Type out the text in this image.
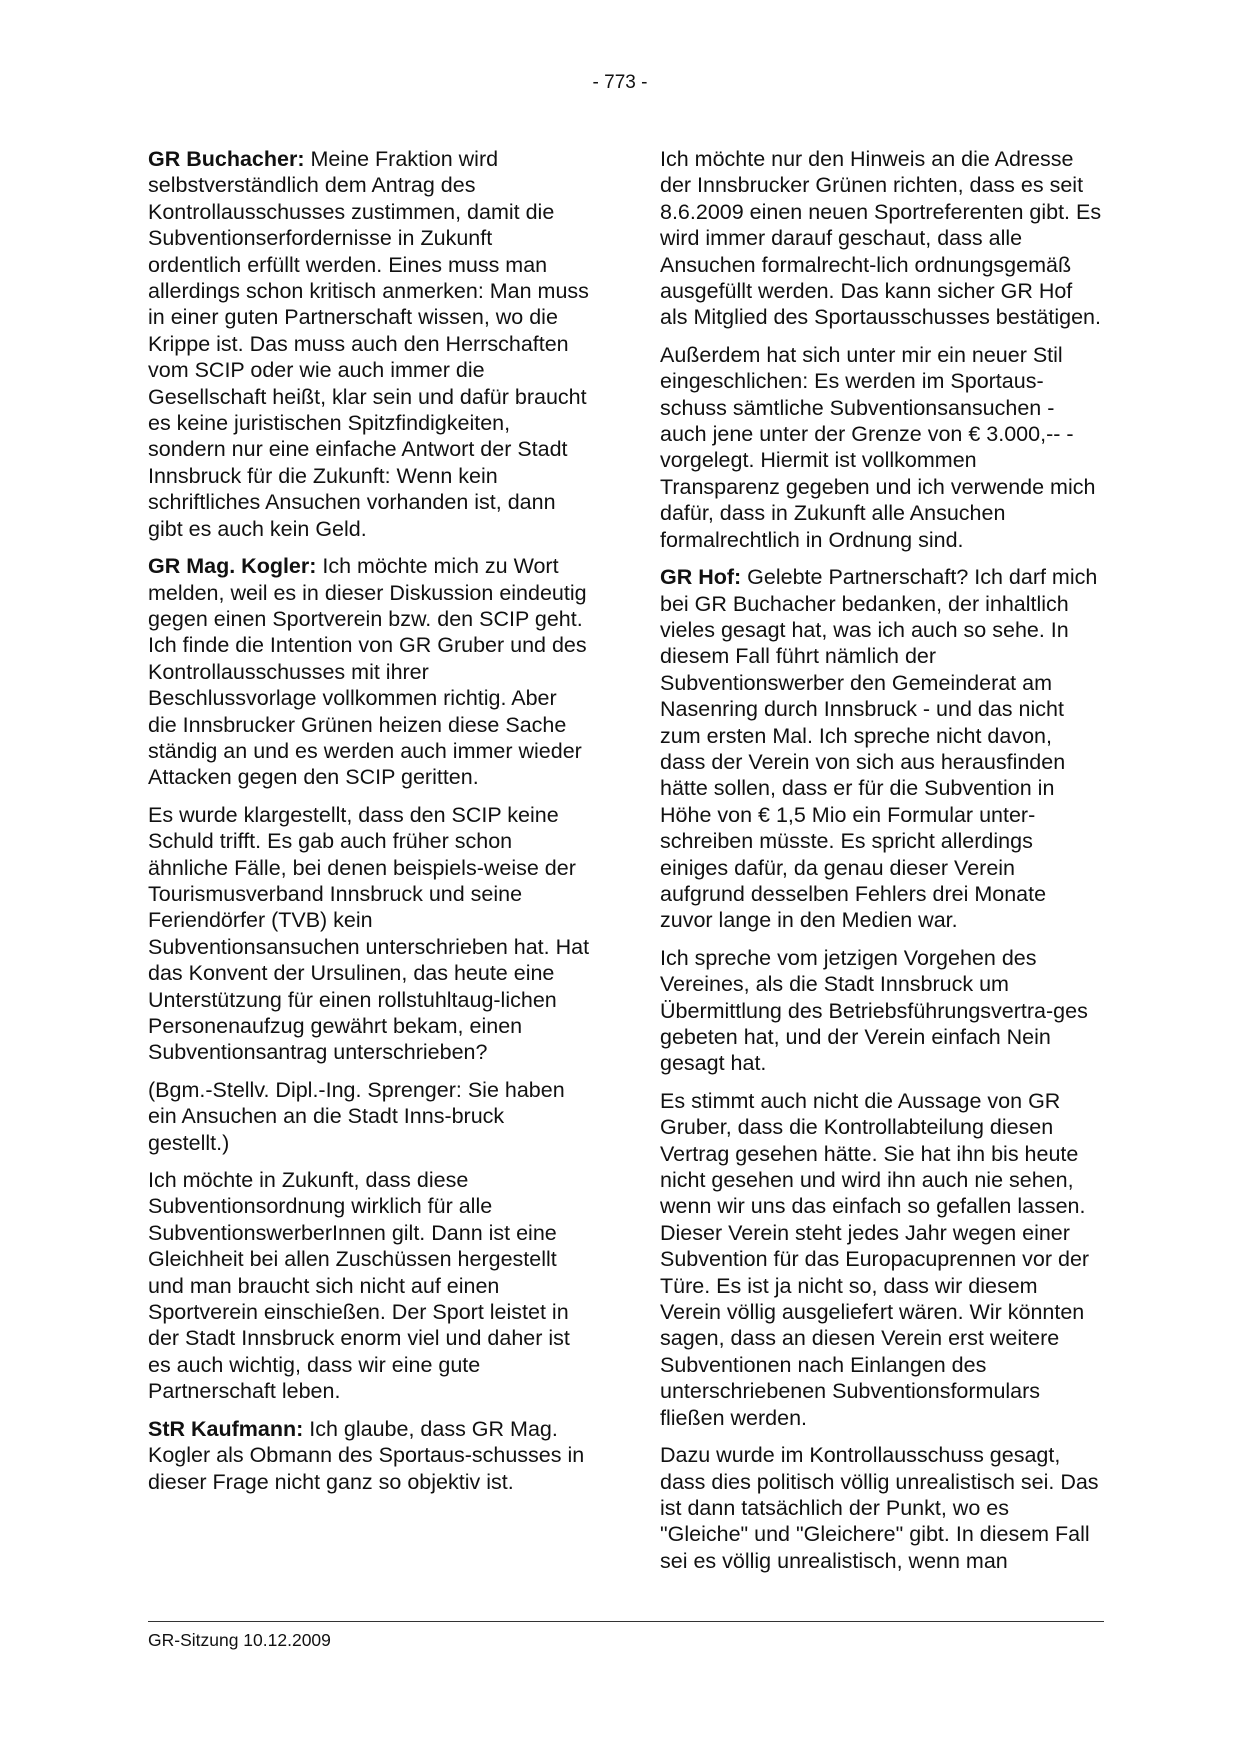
- 773 -

GR Buchacher: Meine Fraktion wird selbstverständlich dem Antrag des Kontrollausschusses zustimmen, damit die Subventionserfordernisse in Zukunft ordentlich erfüllt werden. Eines muss man allerdings schon kritisch anmerken: Man muss in einer guten Partnerschaft wissen, wo die Krippe ist. Das muss auch den Herrschaften vom SCIP oder wie auch immer die Gesellschaft heißt, klar sein und dafür braucht es keine juristischen Spitzfindigkeiten, sondern nur eine einfache Antwort der Stadt Innsbruck für die Zukunft: Wenn kein schriftliches Ansuchen vorhanden ist, dann gibt es auch kein Geld.

GR Mag. Kogler: Ich möchte mich zu Wort melden, weil es in dieser Diskussion eindeutig gegen einen Sportverein bzw. den SCIP geht. Ich finde die Intention von GR Gruber und des Kontrollausschusses mit ihrer Beschlussvorlage vollkommen richtig. Aber die Innsbrucker Grünen heizen diese Sache ständig an und es werden auch immer wieder Attacken gegen den SCIP geritten.

Es wurde klargestellt, dass den SCIP keine Schuld trifft. Es gab auch früher schon ähnliche Fälle, bei denen beispiels-weise der Tourismusverband Innsbruck und seine Feriendörfer (TVB) kein Subventionsansuchen unterschrieben hat. Hat das Konvent der Ursulinen, das heute eine Unterstützung für einen rollstuhltaug-lichen Personenaufzug gewährt bekam, einen Subventionsantrag unterschrieben?

(Bgm.-Stellv. Dipl.-Ing. Sprenger: Sie haben ein Ansuchen an die Stadt Inns-bruck gestellt.)

Ich möchte in Zukunft, dass diese Subventionsordnung wirklich für alle SubventionswerberInnen gilt. Dann ist eine Gleichheit bei allen Zuschüssen hergestellt und man braucht sich nicht auf einen Sportverein einschießen. Der Sport leistet in der Stadt Innsbruck enorm viel und daher ist es auch wichtig, dass wir eine gute Partnerschaft leben.

StR Kaufmann: Ich glaube, dass GR Mag. Kogler als Obmann des Sportaus-schusses in dieser Frage nicht ganz so objektiv ist.

Ich möchte nur den Hinweis an die Adresse der Innsbrucker Grünen richten, dass es seit 8.6.2009 einen neuen Sportreferenten gibt. Es wird immer darauf geschaut, dass alle Ansuchen formalrecht-lich ordnungsgemäß ausgefüllt werden. Das kann sicher GR Hof als Mitglied des Sportausschusses bestätigen.

Außerdem hat sich unter mir ein neuer Stil eingeschlichen: Es werden im Sportaus-schuss sämtliche Subventionsansuchen - auch jene unter der Grenze von € 3.000,-- - vorgelegt. Hiermit ist vollkommen Transparenz gegeben und ich verwende mich dafür, dass in Zukunft alle Ansuchen formalrechtlich in Ordnung sind.

GR Hof: Gelebte Partnerschaft? Ich darf mich bei GR Buchacher bedanken, der inhaltlich vieles gesagt hat, was ich auch so sehe. In diesem Fall führt nämlich der Subventionswerber den Gemeinderat am Nasenring durch Innsbruck - und das nicht zum ersten Mal. Ich spreche nicht davon, dass der Verein von sich aus herausfinden hätte sollen, dass er für die Subvention in Höhe von € 1,5 Mio ein Formular unter-schreiben müsste. Es spricht allerdings einiges dafür, da genau dieser Verein aufgrund desselben Fehlers drei Monate zuvor lange in den Medien war.

Ich spreche vom jetzigen Vorgehen des Vereines, als die Stadt Innsbruck um Übermittlung des Betriebsführungsvertra-ges gebeten hat, und der Verein einfach Nein gesagt hat.

Es stimmt auch nicht die Aussage von GR Gruber, dass die Kontrollabteilung diesen Vertrag gesehen hätte. Sie hat ihn bis heute nicht gesehen und wird ihn auch nie sehen, wenn wir uns das einfach so gefallen lassen. Dieser Verein steht jedes Jahr wegen einer Subvention für das Europacuprennen vor der Türe. Es ist ja nicht so, dass wir diesem Verein völlig ausgeliefert wären. Wir könnten sagen, dass an diesen Verein erst weitere Subventionen nach Einlangen des unterschriebenen Subventionsformulars fließen werden.

Dazu wurde im Kontrollausschuss gesagt, dass dies politisch völlig unrealistisch sei. Das ist dann tatsächlich der Punkt, wo es "Gleiche" und "Gleichere" gibt. In diesem Fall sei es völlig unrealistisch, wenn man

GR-Sitzung 10.12.2009
